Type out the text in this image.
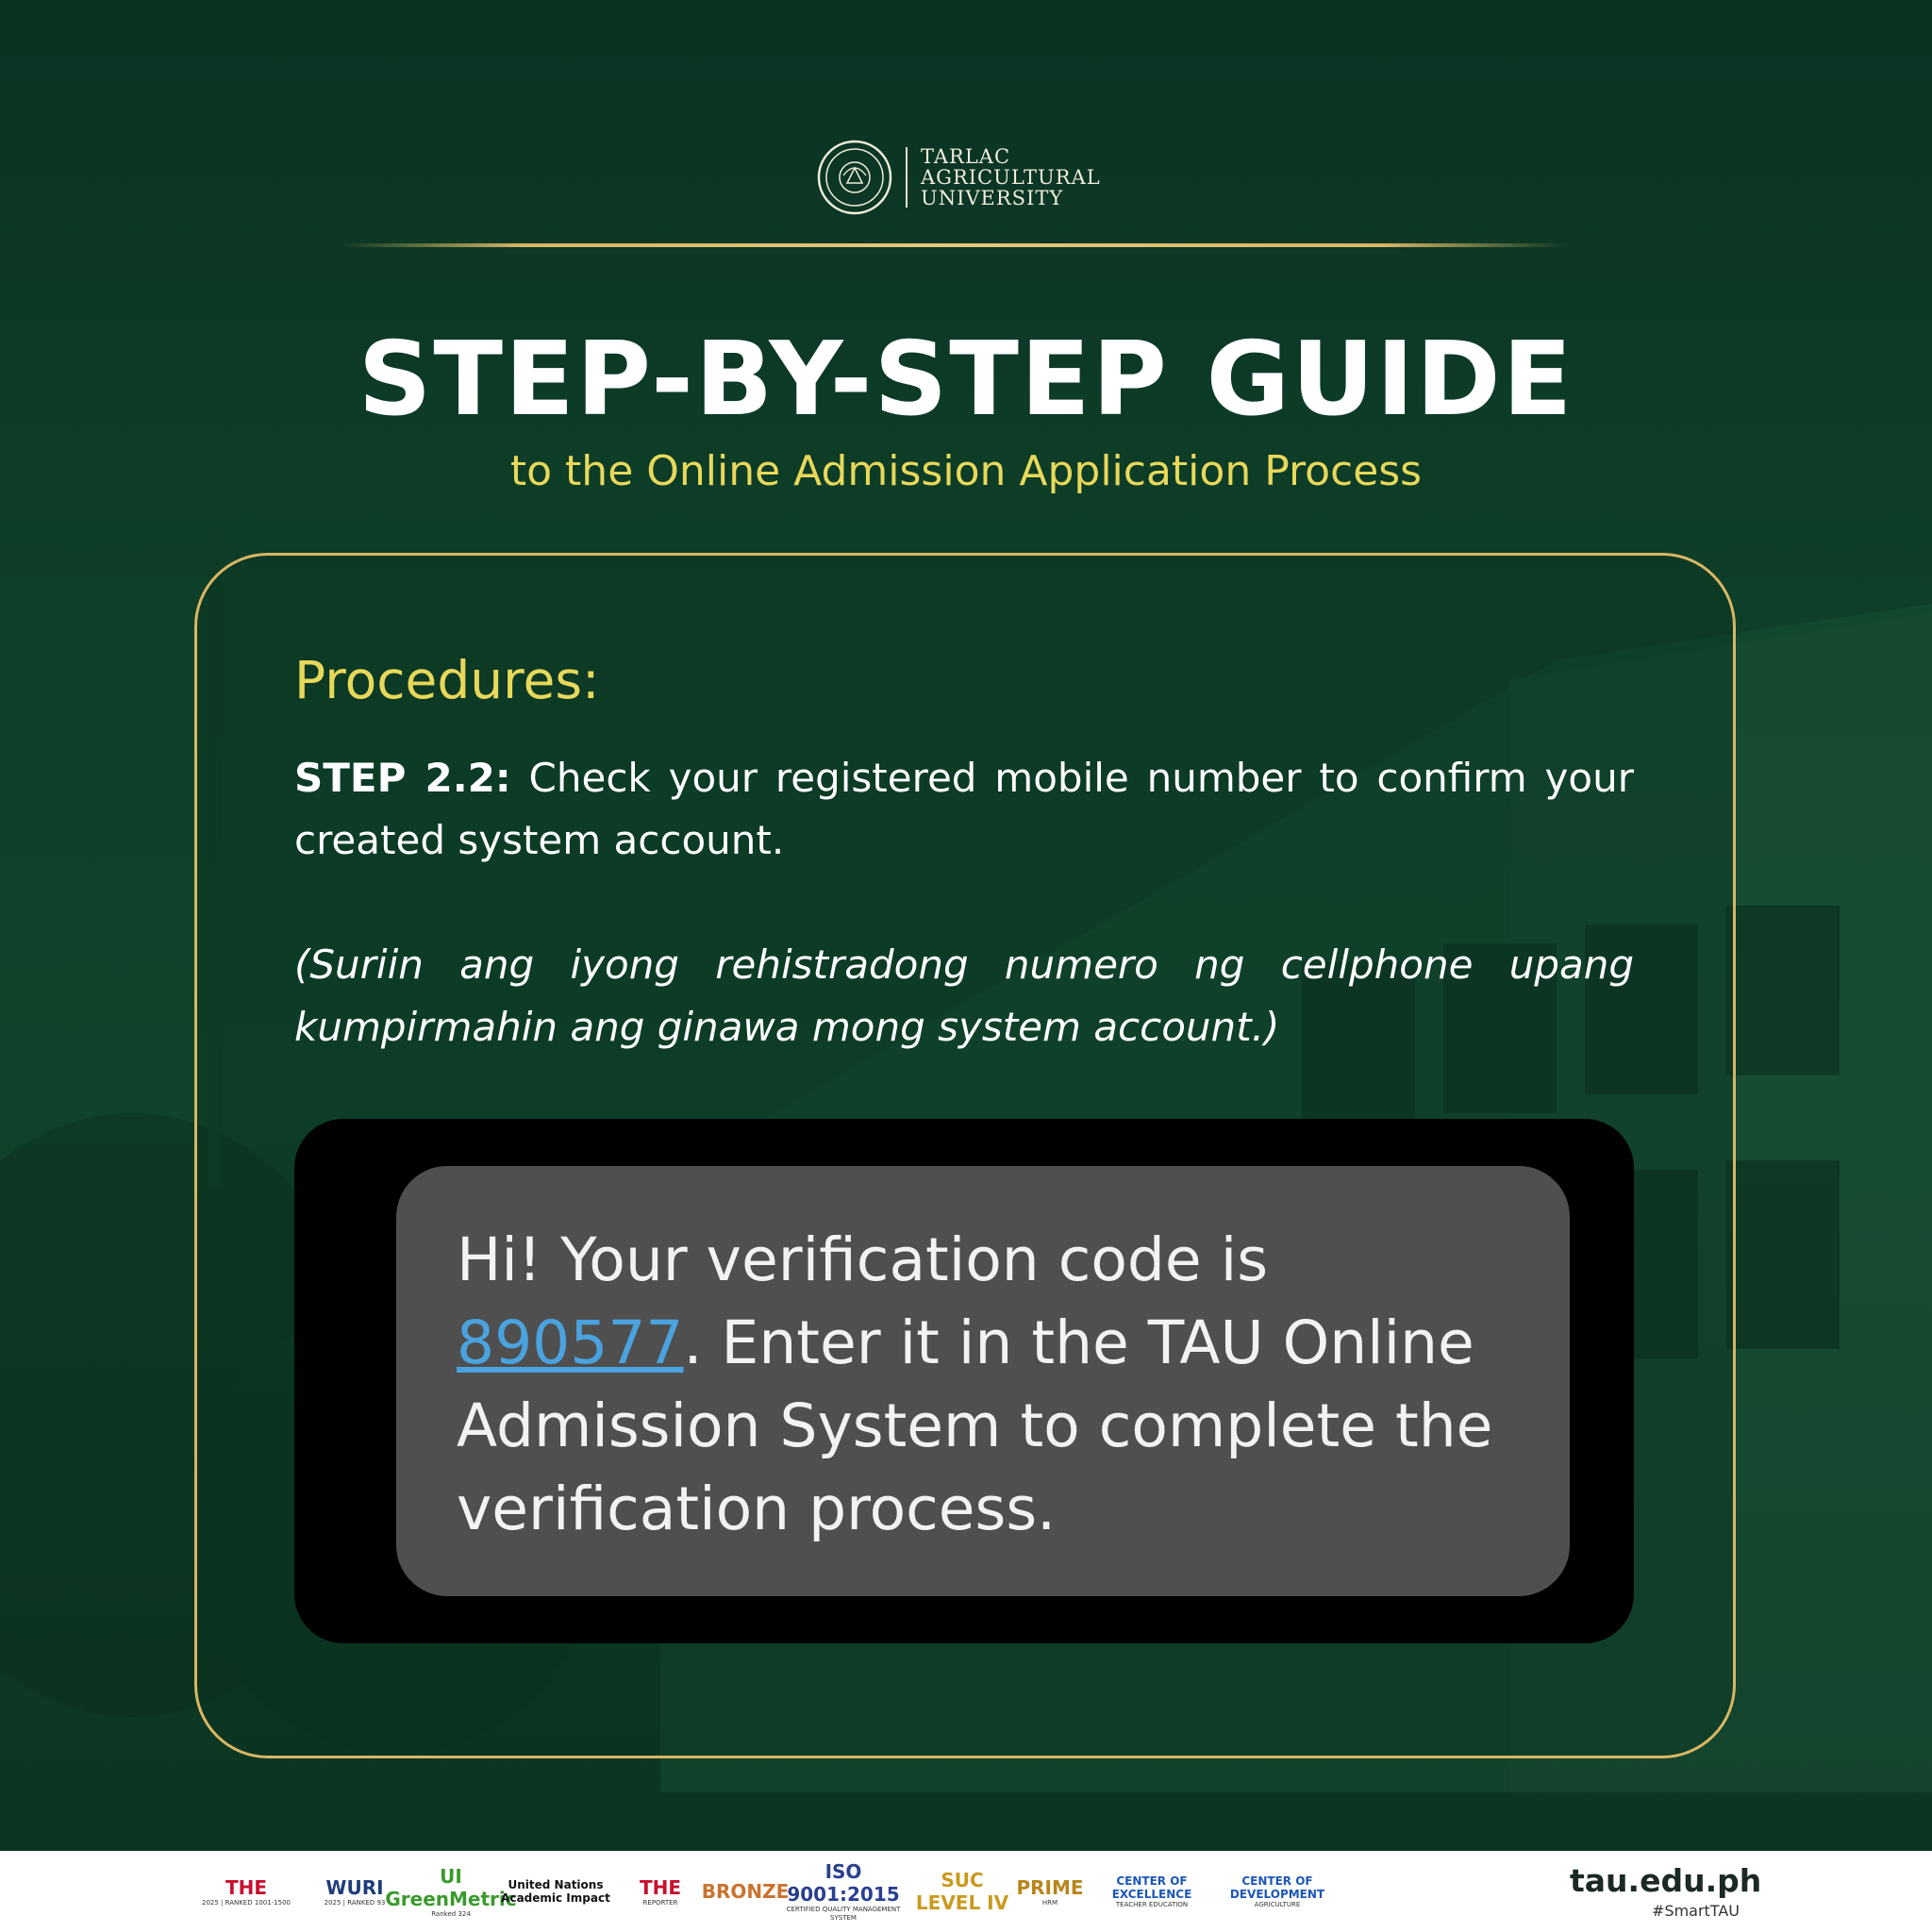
TARLAC
AGRICULTURAL
UNIVERSITY
STEP-BY-STEP GUIDE
to the Online Admission Application Process
Procedures:
STEP 2.2: Check your registered mobile number to confirm your created system account.
(Suriin ang iyong rehistradong numero ng cellphone upang kumpirmahin ang ginawa mong system account.)
Hi! Your verification code is 890577. Enter it in the TAU Online Admission System to complete the verification process.
THE
2025 | RANKED 1001-1500
WURI
2025 | RANKED 93
UI GreenMetric
Ranked 324
United Nations Academic Impact THE
REPORTER BRONZE
ISO 9001:2015
CERTIFIED QUALITY MANAGEMENT SYSTEM
SUC LEVEL IV
PRIME
HRM
CENTER OF EXCELLENCE
TEACHER EDUCATION
CENTER OF DEVELOPMENT
AGRICULTURE
tau.edu.ph
#SmartTAU
